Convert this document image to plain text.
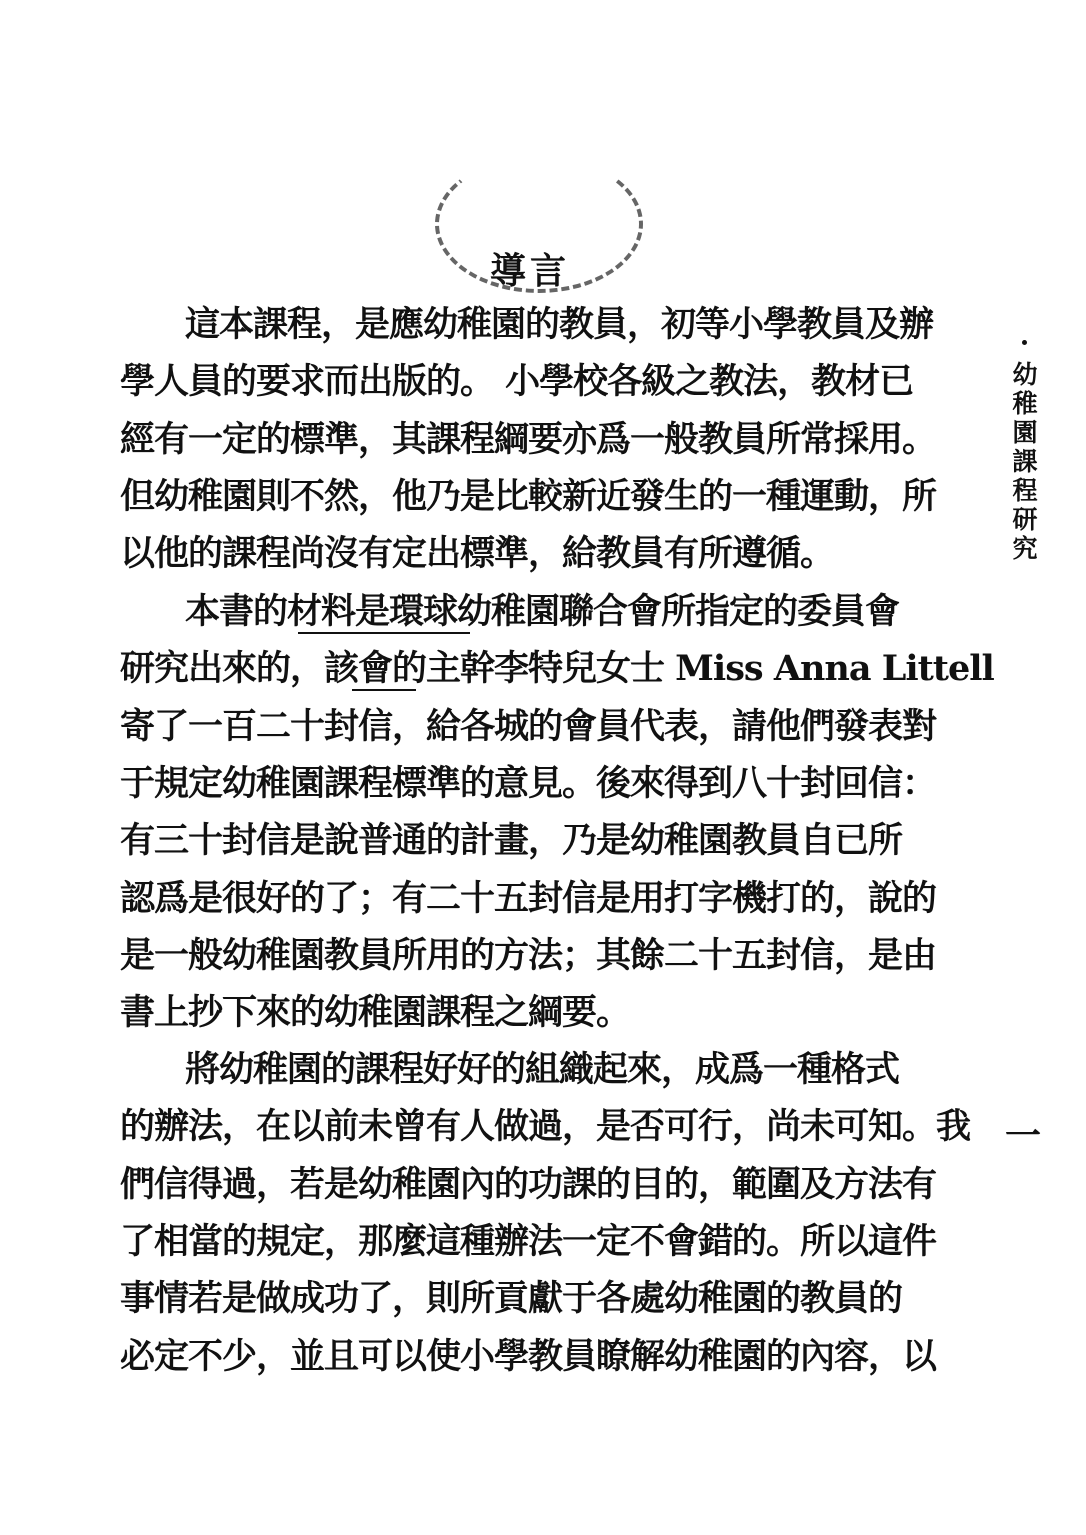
導言
幼稚園課程研究
一
這本課程，是應幼稚園的教員，初等小學教員及辦
學人員的要求而出版的。 小學校各級之教法，教材已
經有一定的標準，其課程綱要亦爲一般教員所常採用。
但幼稚園則不然，他乃是比較新近發生的一種運動，所
以他的課程尚沒有定出標準，給教員有所遵循。
本書的材料是環球幼稚園聯合會所指定的委員會
研究出來的，該會的主幹李特兒女士 Miss Anna Littell
寄了一百二十封信，給各城的會員代表，請他們發表對
于規定幼稚園課程標準的意見。後來得到八十封回信：
有三十封信是說普通的計畫，乃是幼稚園教員自已所
認爲是很好的了；有二十五封信是用打字機打的，說的
是一般幼稚園教員所用的方法；其餘二十五封信，是由
書上抄下來的幼稚園課程之綱要。
將幼稚園的課程好好的組織起來，成爲一種格式
的辦法，在以前未曾有人做過，是否可行，尚未可知。我
們信得過，若是幼稚園內的功課的目的，範圍及方法有
了相當的規定，那麼這種辦法一定不會錯的。所以這件
事情若是做成功了，則所貢獻于各處幼稚園的教員的
必定不少，並且可以使小學教員瞭解幼稚園的內容，以
